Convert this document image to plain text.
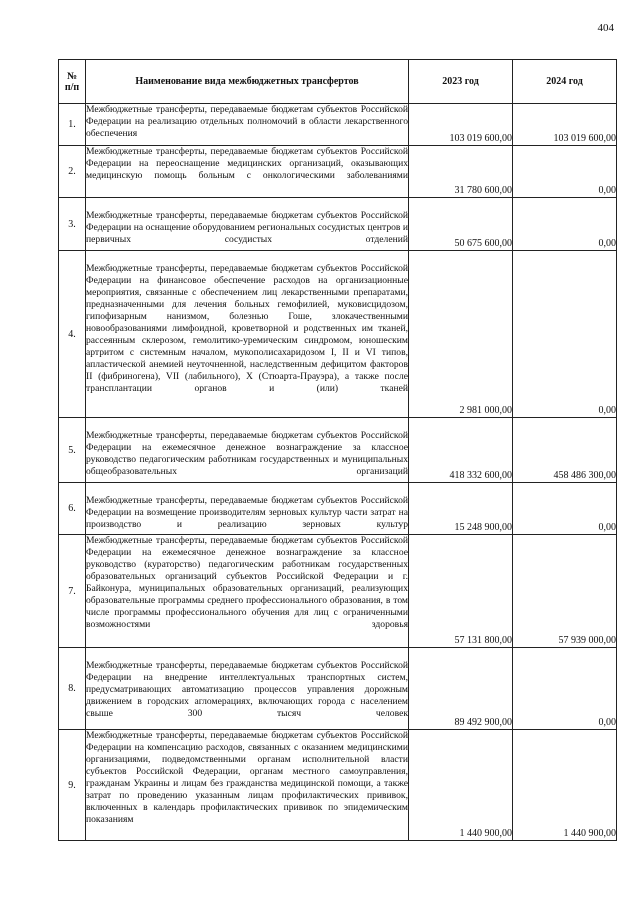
404
№
п/п	Наименование вида межбюджетных трансфертов	2023 год	2024 год
1.	Межбюджетные трансферты, передаваемые бюджетам субъектов Российской Федерации на реализацию отдельных полномочий в области лекарственного обеспечения	103 019 600,00	103 019 600,00
2.	Межбюджетные трансферты, передаваемые бюджетам субъектов Российской Федерации на переоснащение медицинских организаций, оказывающих медицинскую помощь больным с онкологическими заболеваниями	31 780 600,00	0,00
3.	Межбюджетные трансферты, передаваемые бюджетам субъектов Российской Федерации на оснащение оборудованием региональных сосудистых центров и первичных сосудистых отделений	50 675 600,00	0,00
4.	Межбюджетные трансферты, передаваемые бюджетам субъектов Российской Федерации на финансовое обеспечение расходов на организационные мероприятия, связанные с обеспечением лиц лекарственными препаратами, предназначенными для лечения больных гемофилией, муковисцидозом, гипофизарным нанизмом, болезнью Гоше, злокачественными новообразованиями лимфоидной, кроветворной и родственных им тканей, рассеянным склерозом, гемолитико-уремическим синдромом, юношеским артритом с системным началом, мукополисахаридозом I, II и VI типов, апластической анемией неуточненной, наследственным дефицитом факторов II (фибриногена), VII (лабильного), X (Стюарта-Прауэра), а также после трансплантации органов и (или) тканей	2 981 000,00	0,00
5.	Межбюджетные трансферты, передаваемые бюджетам субъектов Российской Федерации на ежемесячное денежное вознаграждение за классное руководство педагогическим работникам государственных и муниципальных общеобразовательных организаций	418 332 600,00	458 486 300,00
6.	Межбюджетные трансферты, передаваемые бюджетам субъектов Российской Федерации на возмещение производителям зерновых культур части затрат на производство и реализацию зерновых культур	15 248 900,00	0,00
7.	Межбюджетные трансферты, передаваемые бюджетам субъектов Российской Федерации на ежемесячное денежное вознаграждение за классное руководство (кураторство) педагогическим работникам государственных образовательных организаций субъектов Российской Федерации и г. Байконура, муниципальных образовательных организаций, реализующих образовательные программы среднего профессионального образования, в том числе программы профессионального обучения для лиц с ограниченными возможностями здоровья	57 131 800,00	57 939 000,00
8.	Межбюджетные трансферты, передаваемые бюджетам субъектов Российской Федерации на внедрение интеллектуальных транспортных систем, предусматривающих автоматизацию процессов управления дорожным движением в городских агломерациях, включающих города с населением свыше 300 тысяч человек	89 492 900,00	0,00
9.	Межбюджетные трансферты, передаваемые бюджетам субъектов Российской Федерации на компенсацию расходов, связанных с оказанием медицинскими организациями, подведомственными органам исполнительной власти субъектов Российской Федерации, органам местного самоуправления, гражданам Украины и лицам без гражданства медицинской помощи, а также затрат по проведению указанным лицам профилактических прививок, включенных в календарь профилактических прививок по эпидемическим показаниям	1 440 900,00	1 440 900,00
